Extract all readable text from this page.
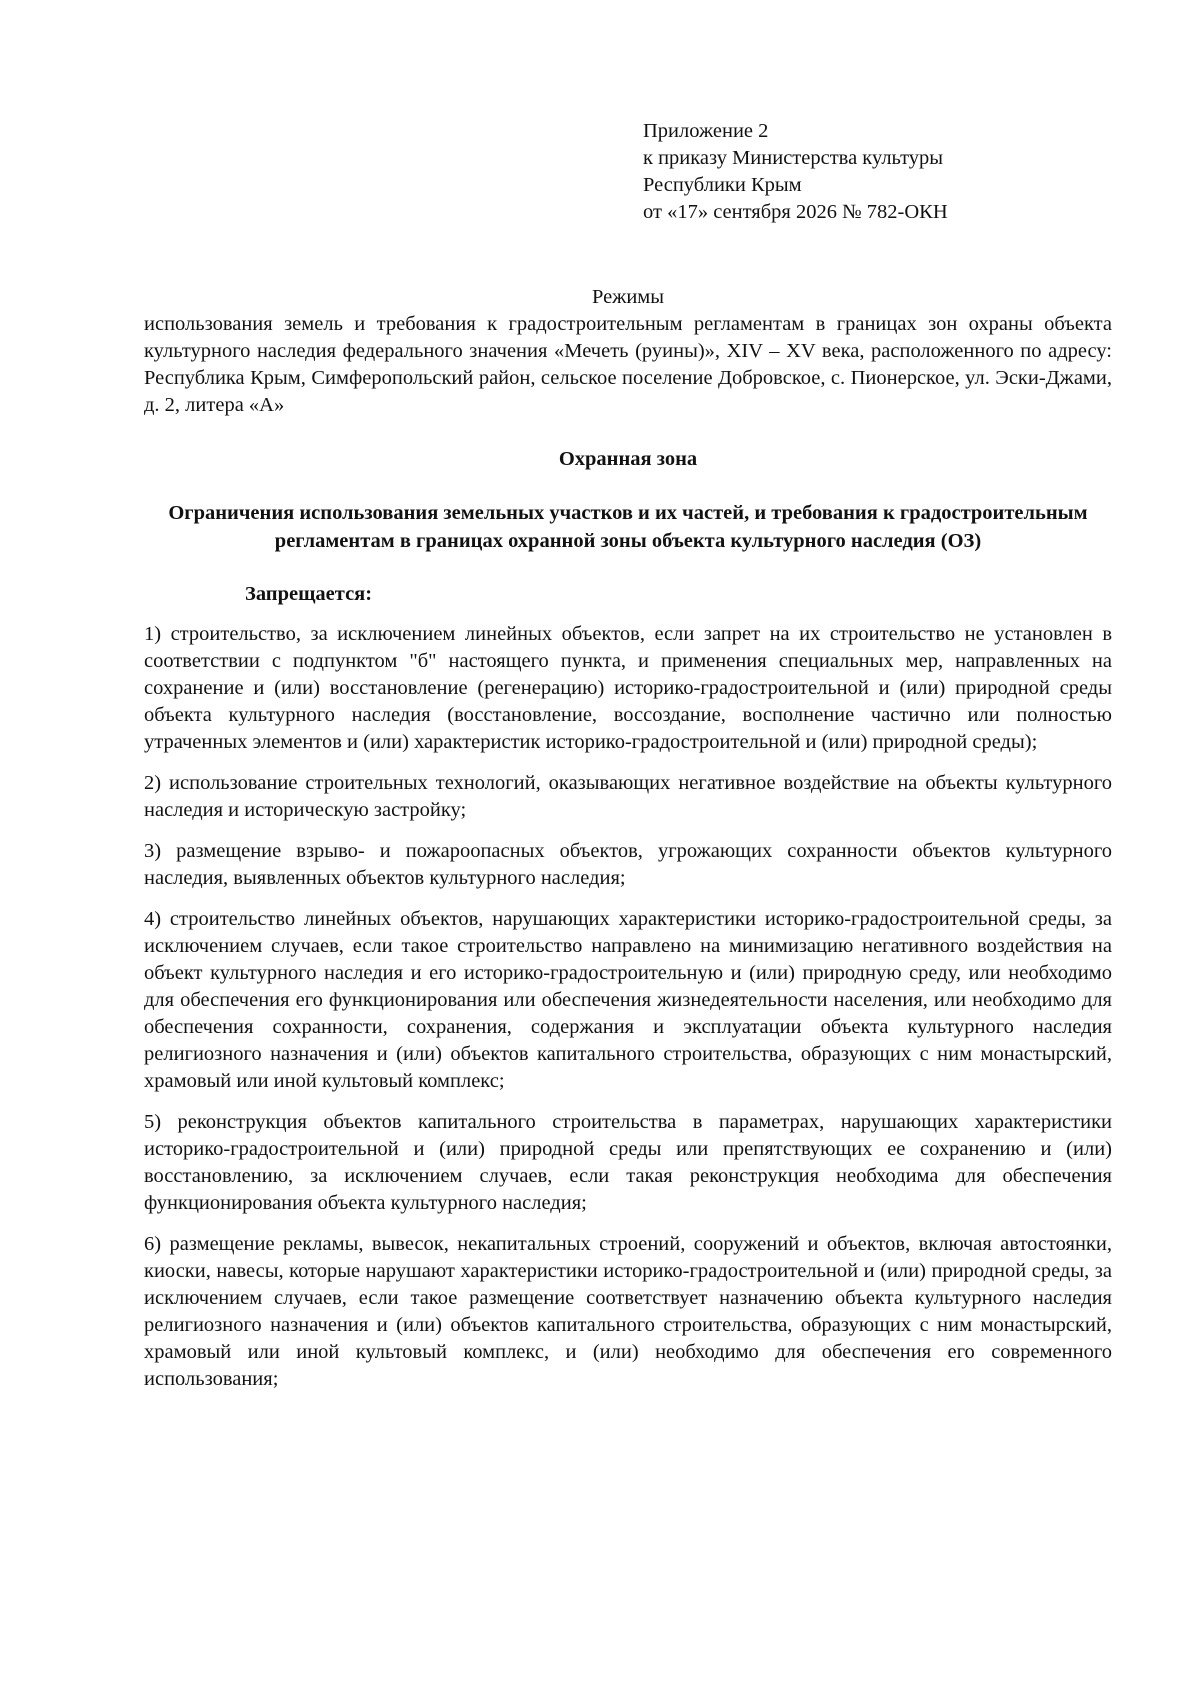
Приложение 2
к приказу Министерства культуры
Республики Крым
от «17» сентября 2026 № 782-ОКН

Режимы

использования земель и требования к градостроительным регламентам в границах зон охраны объекта культурного наследия федерального значения «Мечеть (руины)», XIV – XV века, расположенного по адресу: Республика Крым, Симферопольский район, сельское поселение Добровское, с. Пионерское, ул. Эски-Джами, д. 2, литера «А»

Охранная зона

Ограничения использования земельных участков и их частей, и требования к градостроительным регламентам в границах охранной зоны объекта культурного наследия (ОЗ)

Запрещается:

1) строительство, за исключением линейных объектов, если запрет на их строительство не установлен в соответствии с подпунктом "б" настоящего пункта, и применения специальных мер, направленных на сохранение и (или) восстановление (регенерацию) историко-градостроительной и (или) природной среды объекта культурного наследия (восстановление, воссоздание, восполнение частично или полностью утраченных элементов и (или) характеристик историко-градостроительной и (или) природной среды);

2) использование строительных технологий, оказывающих негативное воздействие на объекты культурного наследия и историческую застройку;

3) размещение взрыво- и пожароопасных объектов, угрожающих сохранности объектов культурного наследия, выявленных объектов культурного наследия;

4) строительство линейных объектов, нарушающих характеристики историко-градостроительной среды, за исключением случаев, если такое строительство направлено на минимизацию негативного воздействия на объект культурного наследия и его историко-градостроительную и (или) природную среду, или необходимо для обеспечения его функционирования или обеспечения жизнедеятельности населения, или необходимо для обеспечения сохранности, сохранения, содержания и эксплуатации объекта культурного наследия религиозного назначения и (или) объектов капитального строительства, образующих с ним монастырский, храмовый или иной культовый комплекс;

5) реконструкция объектов капитального строительства в параметрах, нарушающих характеристики историко-градостроительной и (или) природной среды или препятствующих ее сохранению и (или) восстановлению, за исключением случаев, если такая реконструкция необходима для обеспечения функционирования объекта культурного наследия;

6) размещение рекламы, вывесок, некапитальных строений, сооружений и объектов, включая автостоянки, киоски, навесы, которые нарушают характеристики историко-градостроительной и (или) природной среды, за исключением случаев, если такое размещение соответствует назначению объекта культурного наследия религиозного назначения и (или) объектов капитального строительства, образующих с ним монастырский, храмовый или иной культовый комплекс, и (или) необходимо для обеспечения его современного использования;
